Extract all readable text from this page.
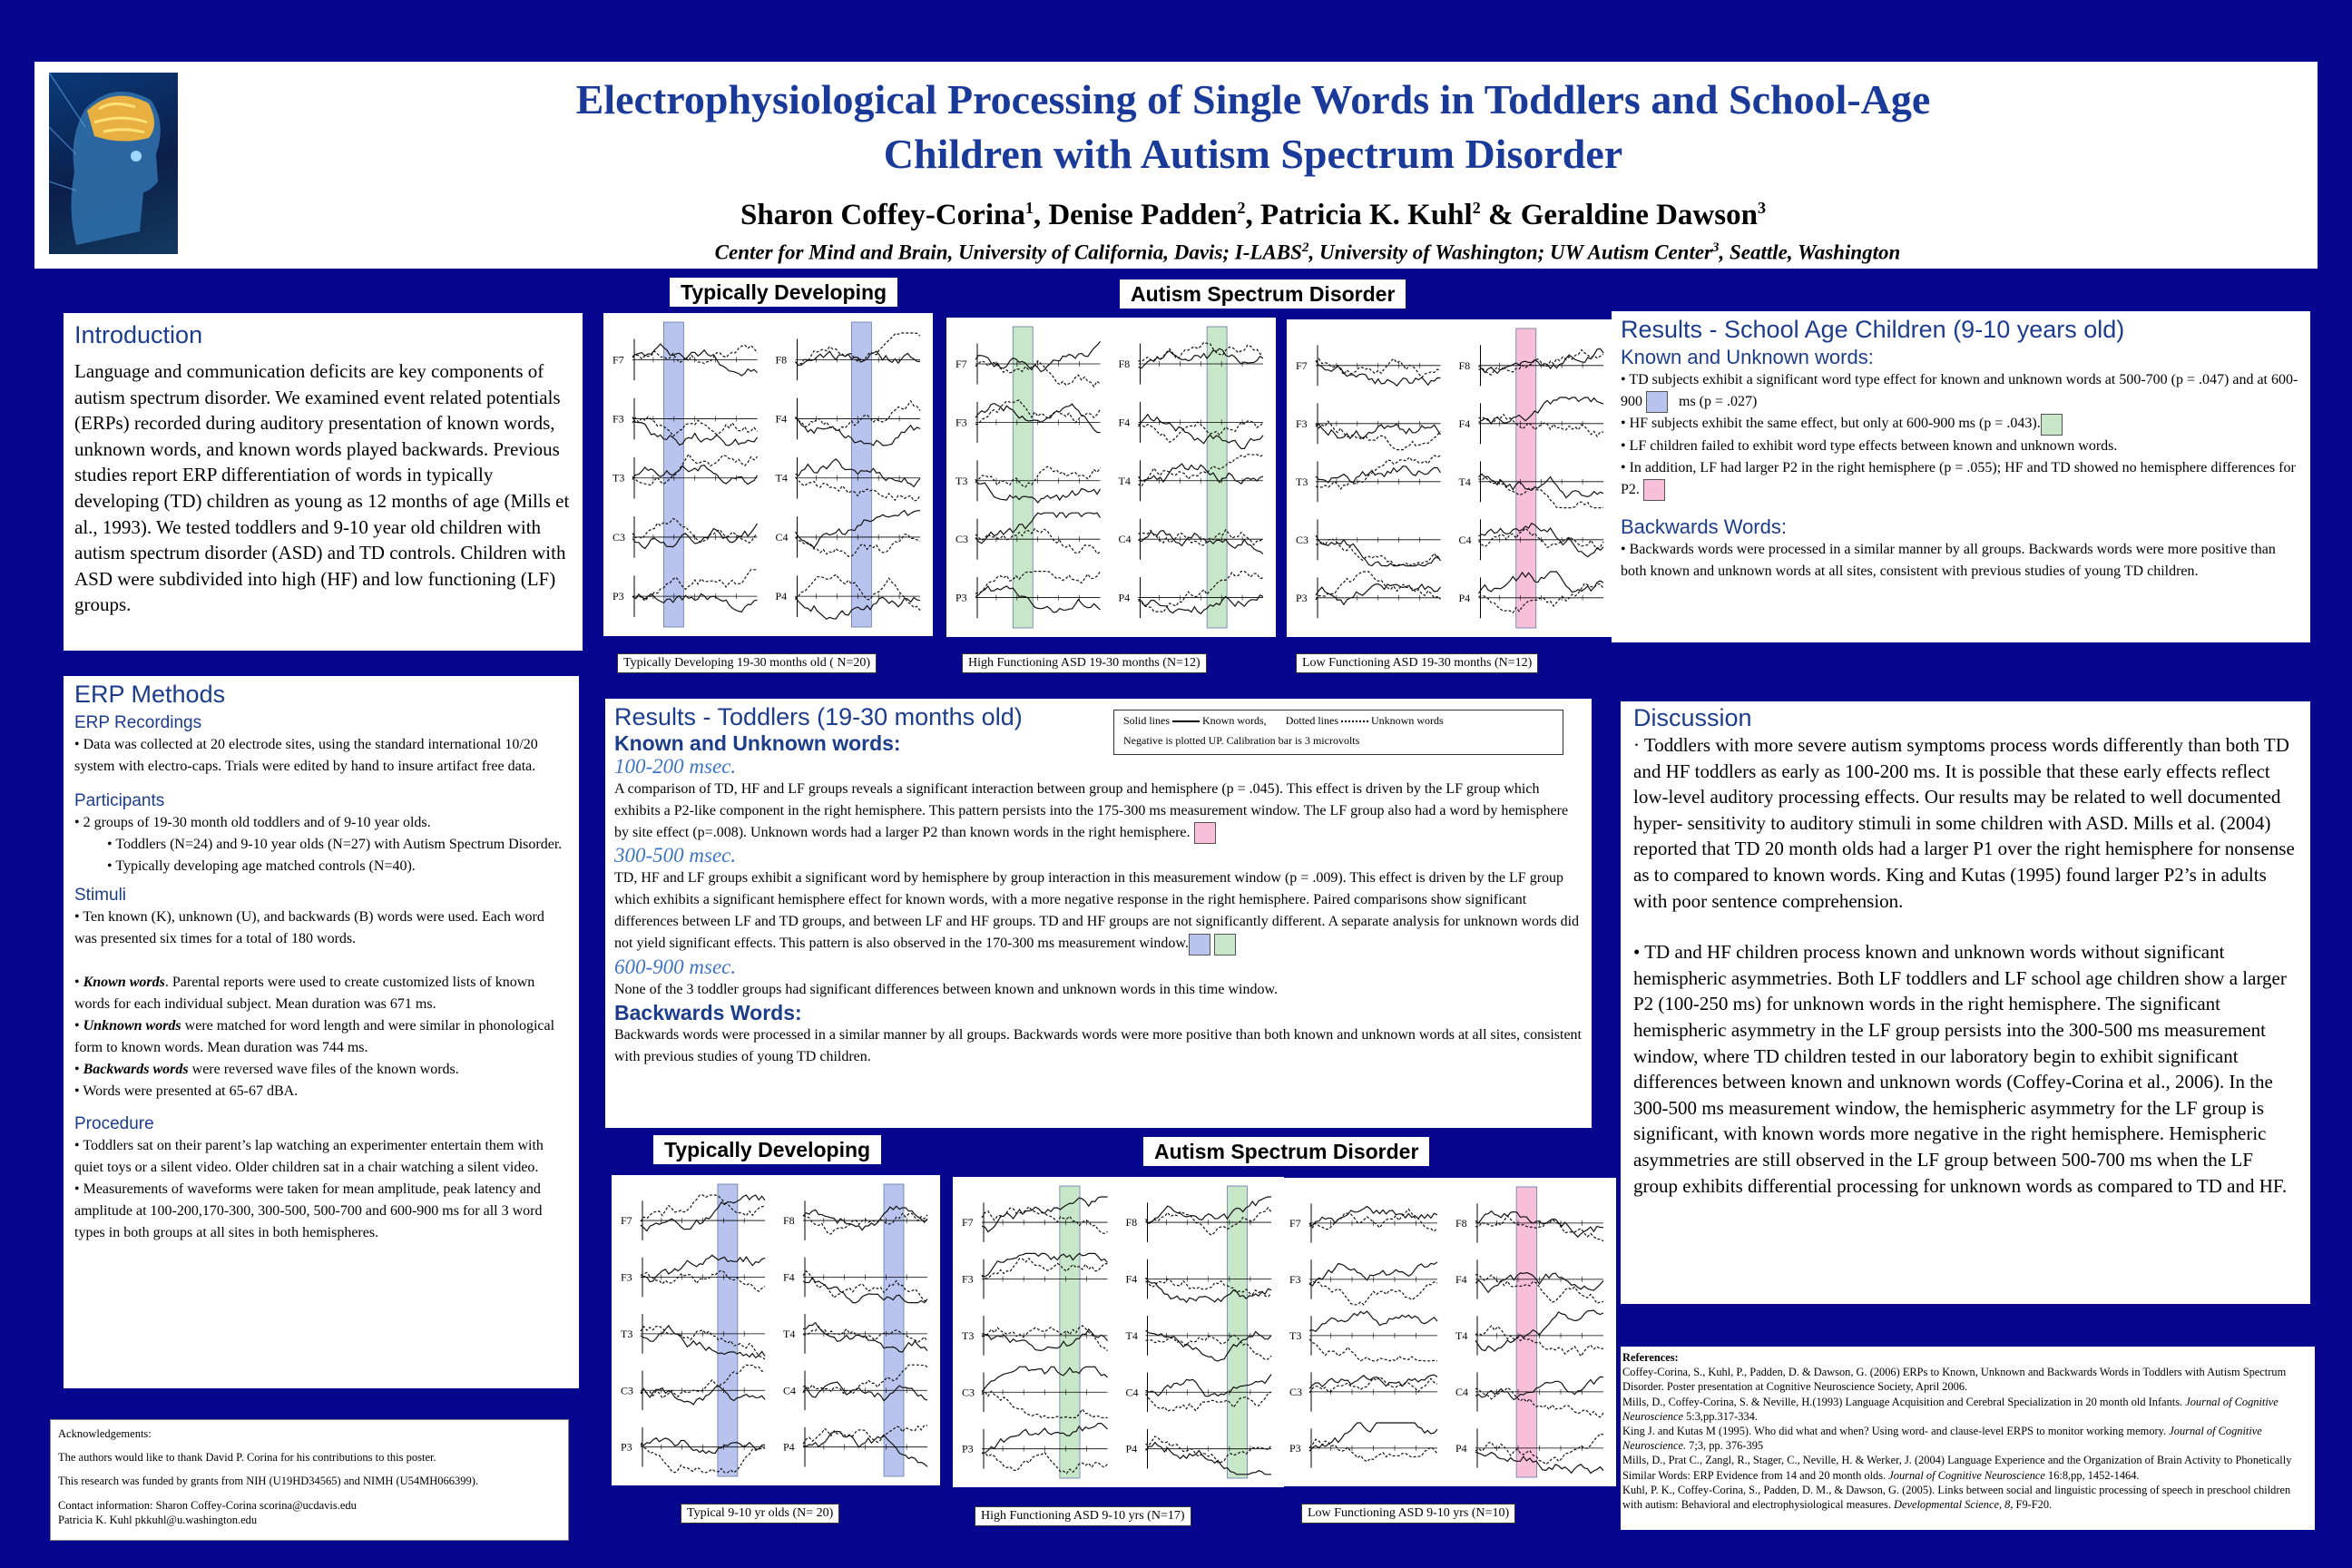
Electrophysiological Processing of Single Words in Toddlers and School-Age
Children with Autism Spectrum Disorder
Sharon Coffey-Corina$^1$, Denise Padden$^2$, Patricia K. Kuhl$^2$ & Geraldine Dawson$^3$
Center for Mind and Brain, University of California, Davis; I-LABS$^2$, University of Washington; UW Autism Center$^3$, Seattle, Washington
Introduction

Language and communication deficits are key components of autism spectrum disorder. We examined event related potentials (ERPs) recorded during auditory presentation of known words, unknown words, and known words played backwards. Previous studies report ERP differentiation of words in typically developing (TD) children as young as 12 months of age (Mills et al., 1993). We tested toddlers and 9-10 year old children with autism spectrum disorder (ASD) and TD controls. Children with ASD were subdivided into high (HF) and low functioning (LF) groups.

ERP Methods
ERP Recordings

• Data was collected at 20 electrode sites, using the standard international 10/20 system with electro-caps. Trials were edited by hand to insure artifact free data.

Participants

• 2 groups of 19-30 month old toddlers and of 9-10 year olds.

• Toddlers (N=24) and 9-10 year olds (N=27) with Autism Spectrum Disorder.

• Typically developing age matched controls (N=40).

Stimuli

• Ten known (K), unknown (U), and backwards (B) words were used. Each word was presented six times for a total of 180 words.

• Known words. Parental reports were used to create customized lists of known words for each individual subject. Mean duration was 671 ms.

• Unknown words were matched for word length and were similar in phonological form to known words. Mean duration was 744 ms.

• Backwards words were reversed wave files of the known words.

• Words were presented at 65-67 dBA.

Procedure

• Toddlers sat on their parent’s lap watching an experimenter entertain them with quiet toys or a silent video. Older children sat in a chair watching a silent video.

• Measurements of waveforms were taken for mean amplitude, peak latency and amplitude at 100-200,170-300, 300-500, 500-700 and 600-900 ms for all 3 word types in both groups at all sites in both hemispheres.

Acknowledgements:

The authors would like to thank David P. Corina for his contributions to this poster.

This research was funded by grants from NIH (U19HD34565) and NIMH (U54MH066399).

Contact information: Sharon Coffey-Corina scorina@ucdavis.edu

Patricia K. Kuhl pkkuhl@u.washington.edu

Typically Developing	Autism Spectrum Disorder
F7
F3
T3
C3
P3
F8
F4
T4
C4
P4
F7
F3
T3
C3
P3
F8
F4
T4
C4
P4
F7
F3
T3
C3
P3
F8
F4
T4
C4
P4
Typically Developing 19-30 months old ( N=20)	High Functioning ASD 19-30 months (N=12)	Low Functioning ASD 19-30 months (N=12)
Results - Toddlers (19-30 months old)	Solid lines	Known words, Dotted lines	Unknown words
Negative is plotted UP. Calibration bar is 3 microvolts
Known and Unknown words:
100-200 msec.

A comparison of TD, HF and LF groups reveals a significant interaction between group and hemisphere (p = .045). This effect is driven by the LF group which exhibits a P2-like component in the right hemisphere. This pattern persists into the 175-300 ms measurement window. The LF group also had a word by hemisphere by site effect (p=.008). Unknown words had a larger P2 than known words in the right hemisphere.

300-500 msec.

TD, HF and LF groups exhibit a significant word by hemisphere by group interaction in this measurement window (p = .009). This effect is driven by the LF group which exhibits a significant hemisphere effect for known words, with a more negative response in the right hemisphere. Paired comparisons show significant differences between LF and TD groups, and between LF and HF groups. TD and HF groups are not significantly different. A separate analysis for unknown words did not yield significant effects. This pattern is also observed in the 170-300 ms measurement window.

600-900 msec.

None of the 3 toddler groups had significant differences between known and unknown words in this time window.

Backwards Words:

Backwards words were processed in a similar manner by all groups. Backwards words were more positive than both known and unknown words at all sites, consistent with previous studies of young TD children.

Typically Developing	Autism Spectrum Disorder
F7
F3
T3
C3
P3
F8
F4
T4
C4
P4
F7
F3
T3
C3
P3
F8
F4
T4
C4
P4
F7
F3
T3
C3
P3
F8
F4
T4
C4
P4
Typical 9-10 yr olds (N= 20)	High Functioning ASD 9-10 yrs (N=17)	Low Functioning ASD 9-10 yrs (N=10)
Results - School Age Children (9-10 years old)
Known and Unknown words:

• TD subjects exhibit a significant word type effect for known and unknown words at 500-700 (p = .047) and at 600-900	ms (p = .027)

• HF subjects exhibit the same effect, but only at 600-900 ms (p = .043).

• LF children failed to exhibit word type effects between known and unknown words.

• In addition, LF had larger P2 in the right hemisphere (p = .055); HF and TD showed no hemisphere differences for P2.

Backwards Words:

• Backwards words were processed in a similar manner by all groups. Backwards words were more positive than both known and unknown words at all sites, consistent with previous studies of young TD children.

Discussion

· Toddlers with more severe autism symptoms process words differently than both TD and HF toddlers as early as 100-200 ms. It is possible that these early effects reflect low-level auditory processing effects. Our results may be related to well documented hyper- sensitivity to auditory stimuli in some children with ASD. Mills et al. (2004) reported that TD 20 month olds had a larger P1 over the right hemisphere for nonsense as to compared to known words. King and Kutas (1995) found larger P2’s in adults with poor sentence comprehension.

• TD and HF children process known and unknown words without significant hemispheric asymmetries. Both LF toddlers and LF school age children show a larger P2 (100-250 ms) for unknown words in the right hemisphere. The significant hemispheric asymmetry in the LF group persists into the 300-500 ms measurement window, where TD children tested in our laboratory begin to exhibit significant differences between known and unknown words (Coffey-Corina et al., 2006). In the 300-500 ms measurement window, the hemispheric asymmetry for the LF group is significant, with known words more negative in the right hemisphere. Hemispheric asymmetries are still observed in the LF group between 500-700 ms when the LF group exhibits differential processing for unknown words as compared to TD and HF.

References:

Coffey-Corina, S., Kuhl, P., Padden, D. & Dawson, G. (2006) ERPs to Known, Unknown and Backwards Words in Toddlers with Autism Spectrum Disorder. Poster presentation at Cognitive Neuroscience Society, April 2006.

Mills, D., Coffey-Corina, S. & Neville, H.(1993) Language Acquisition and Cerebral Specialization in 20 month old Infants. Journal of Cognitive Neuroscience 5:3,pp.317-334.

King J. and Kutas M (1995). Who did what and when? Using word- and clause-level ERPS to monitor working memory. Journal of Cognitive Neuroscience. 7;3, pp. 376-395

Mills, D., Prat C., Zangl, R., Stager, C., Neville, H. & Werker, J. (2004) Language Experience and the Organization of Brain Activity to Phonetically Similar Words: ERP Evidence from 14 and 20 month olds. Journal of Cognitive Neuroscience 16:8,pp, 1452-1464.

Kuhl, P. K., Coffey-Corina, S., Padden, D. M., & Dawson, G. (2005). Links between social and linguistic processing of speech in preschool children with autism: Behavioral and electrophysiological measures. Developmental Science, 8, F9-F20.
